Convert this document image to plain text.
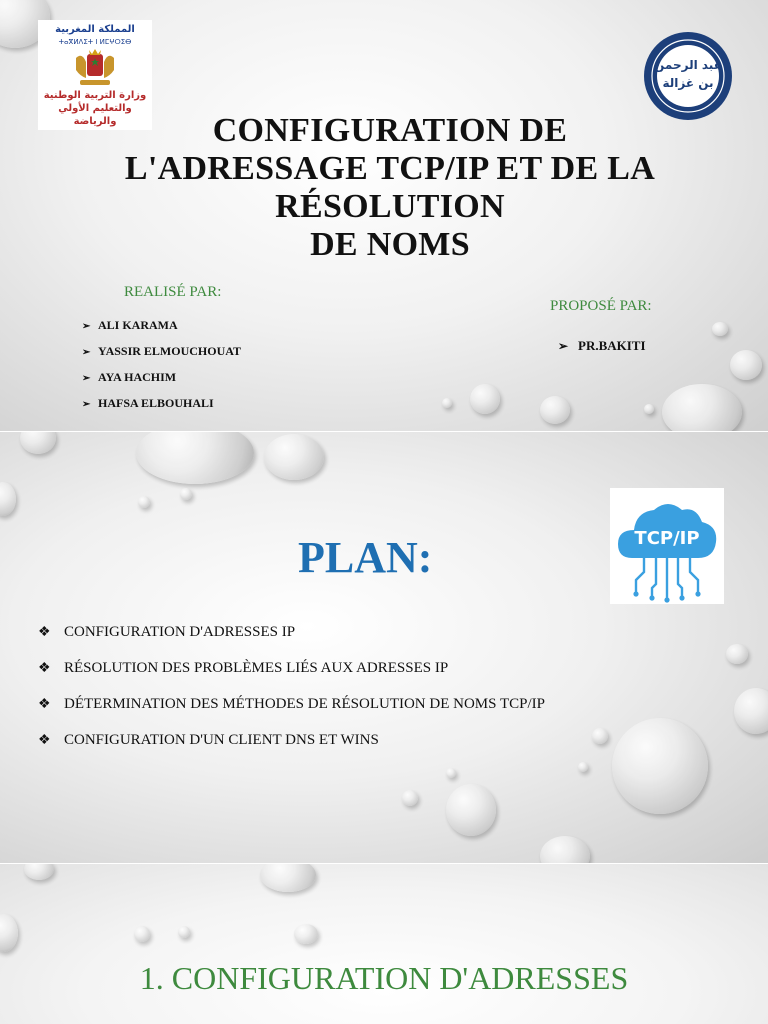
المملكة المغربية
ⵜⴰⴳⵍⴷⵉⵜ ⵏ ⵍⵎⵖⵔⵉⴱ
وزارة التربية الوطنية
والتعليم الأولي
والرياضة
عبد الرحمن
بن غزالة
CONFIGURATION DE
L'ADRESSAGE TCP/IP ET DE LA
RÉSOLUTION
DE NOMS
REALISÉ PAR:
➢ ALI KARAMA
➢ YASSIR ELMOUCHOUAT
➢ AYA HACHIM
➢ HAFSA ELBOUHALI
PROPOSÉ PAR:
➢ PR.BAKITI
PLAN:	TCP/IP
❖ CONFIGURATION D'ADRESSES IP
❖ RÉSOLUTION DES PROBLÈMES LIÉS AUX ADRESSES IP
❖ DÉTERMINATION DES MÉTHODES DE RÉSOLUTION DE NOMS TCP/IP
❖ CONFIGURATION D'UN CLIENT DNS ET WINS
1. CONFIGURATION D'ADRESSES
